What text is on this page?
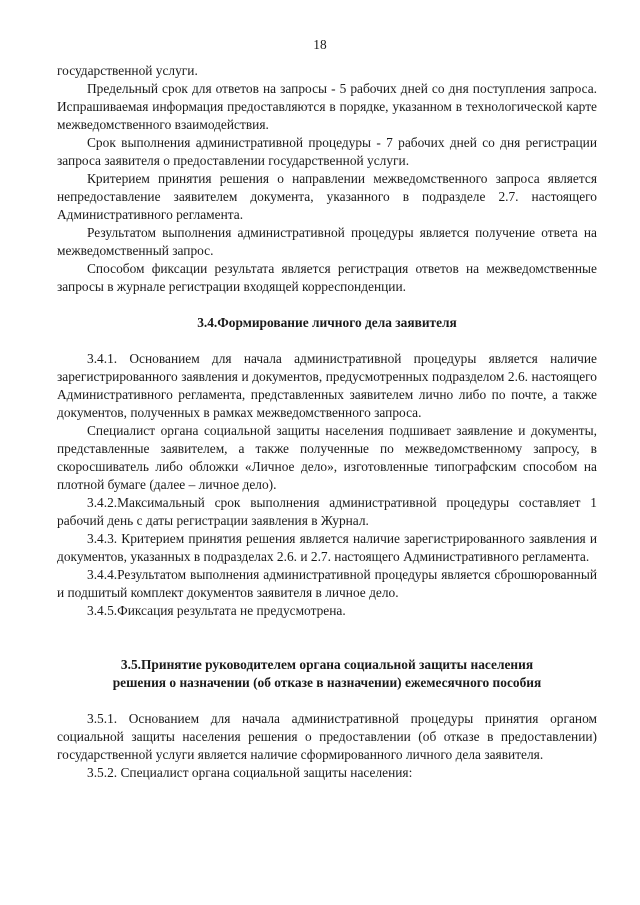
18

государственной услуги.

Предельный срок для ответов на запросы - 5 рабочих дней со дня поступления запроса. Испрашиваемая информация предоставляются в порядке, указанном в технологической карте межведомственного взаимодействия.

Срок выполнения административной процедуры - 7 рабочих дней со дня регистрации запроса заявителя о предоставлении государственной услуги.

Критерием принятия решения о направлении межведомственного запроса является непредоставление заявителем документа, указанного в подразделе 2.7. настоящего Административного регламента.

Результатом выполнения административной процедуры является получение ответа на межведомственный запрос.

Способом фиксации результата является регистрация ответов на межведомственные запросы в журнале регистрации входящей корреспонденции.

3.4.Формирование личного дела заявителя

3.4.1. Основанием для начала административной процедуры является наличие зарегистрированного заявления и документов, предусмотренных подразделом 2.6. настоящего Административного регламента, представленных заявителем лично либо по почте, а также документов, полученных в рамках межведомственного запроса.

Специалист органа социальной защиты населения подшивает заявление и документы, представленные заявителем, а также полученные по межведомственному запросу, в скоросшиватель либо обложки «Личное дело», изготовленные типографским способом на плотной бумаге (далее – личное дело).

3.4.2.Максимальный срок выполнения административной процедуры составляет 1 рабочий день с даты регистрации заявления в Журнал.

3.4.3. Критерием принятия решения является наличие зарегистрированного заявления и документов, указанных в подразделах 2.6. и 2.7. настоящего Административного регламента.

3.4.4.Результатом выполнения административной процедуры является сброшюрованный и подшитый комплект документов заявителя в личное дело.

3.4.5.Фиксация результата не предусмотрена.

3.5.Принятие руководителем органа социальной защиты населения

решения о назначении (об отказе в назначении) ежемесячного пособия

3.5.1. Основанием для начала административной процедуры принятия органом социальной защиты населения решения о предоставлении (об отказе в предоставлении) государственной услуги является наличие сформированного личного дела заявителя.

3.5.2. Специалист органа социальной защиты населения:
